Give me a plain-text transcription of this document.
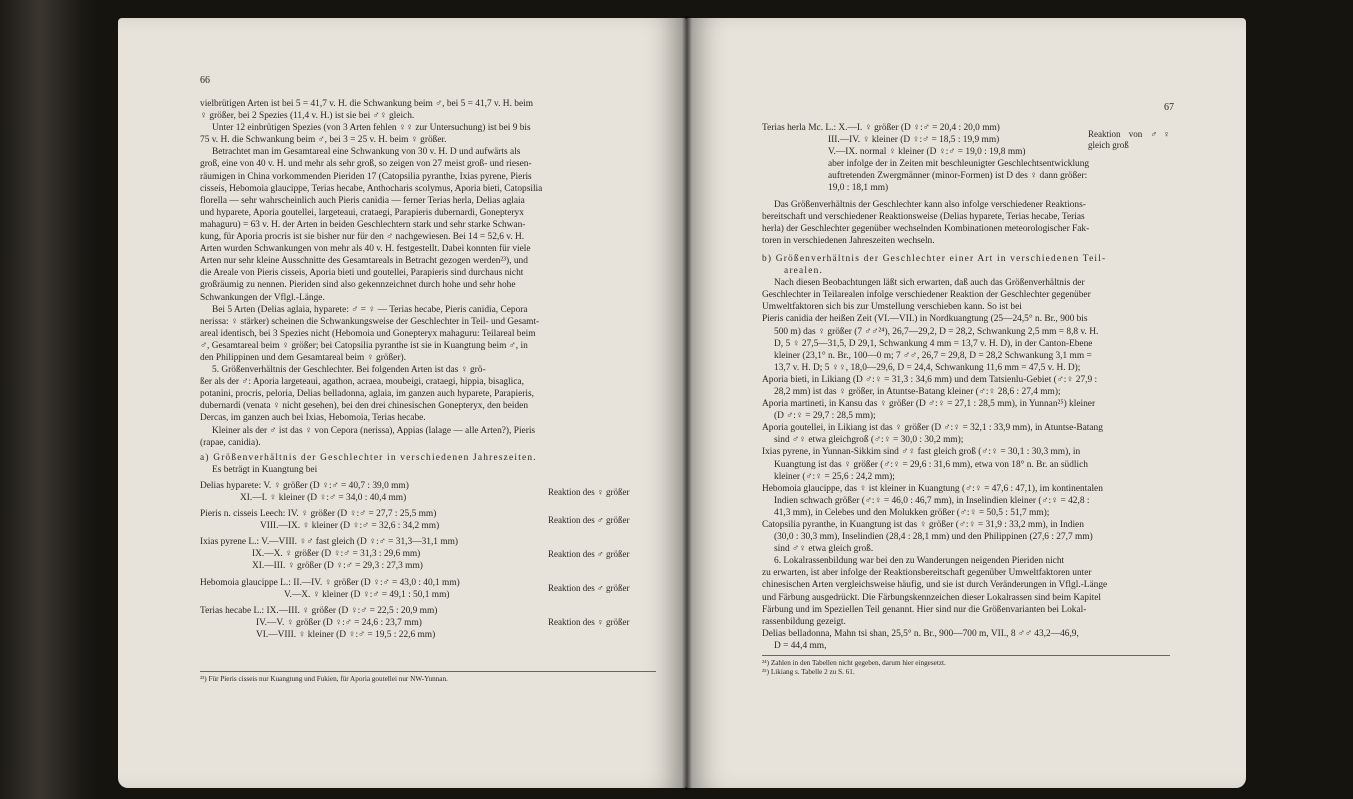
66

vielbrütigen Arten ist bei 5 = 41,7 v. H. die Schwankung beim ♂, bei 5 = 41,7 v. H. beim

♀ größer, bei 2 Spezies (11,4 v. H.) ist sie bei ♂♀ gleich.

Unter 12 einbrütigen Spezies (von 3 Arten fehlen ♀♀ zur Untersuchung) ist bei 9 bis

75 v. H. die Schwankung beim ♂, bei 3 = 25 v. H. beim ♀ größer.

Betrachtet man im Gesamtareal eine Schwankung von 30 v. H. D und aufwärts als

groß, eine von 40 v. H. und mehr als sehr groß, so zeigen von 27 meist groß- und riesen-

räumigen in China vorkommenden Pieriden 17 (Catopsilia pyranthe, Ixias pyrene, Pieris

cisseis, Hebomoia glaucippe, Terias hecabe, Anthocharis scolymus, Aporia bieti, Catopsilia

florella — sehr wahrscheinlich auch Pieris canidia — ferner Terias herla, Delias aglaia

und hyparete, Aporia goutellei, largeteaui, crataegi, Parapieris dubernardi, Gonepteryx

mahaguru) = 63 v. H. der Arten in beiden Geschlechtern stark und sehr starke Schwan-

kung, für Aporia procris ist sie bisher nur für den ♂ nachgewiesen. Bei 14 = 52,6 v. H.

Arten wurden Schwankungen von mehr als 40 v. H. festgestellt. Dabei konnten für viele

Arten nur sehr kleine Ausschnitte des Gesamtareals in Betracht gezogen werden²³), und

die Areale von Pieris cisseis, Aporia bieti und goutellei, Parapieris sind durchaus nicht

großräumig zu nennen. Pieriden sind also gekennzeichnet durch hohe und sehr hohe

Schwankungen der Vflgl.-Länge.

Bei 5 Arten (Delias aglaia, hyparete: ♂ = ♀ — Terias hecabe, Pieris canidia, Cepora

nerissa: ♀ stärker) scheinen die Schwankungsweise der Geschlechter in Teil- und Gesamt-

areal identisch, bei 3 Spezies nicht (Hebomoia und Gonepteryx mahaguru: Teilareal beim

♂, Gesamtareal beim ♀ größer; bei Catopsilia pyranthe ist sie in Kuangtung beim ♂, in

den Philippinen und dem Gesamtareal beim ♀ größer).

5. Größenverhältnis der Geschlechter. Bei folgenden Arten ist das ♀ grö-

ßer als der ♂: Aporia largeteaui, agathon, acraea, moubeigi, crataegi, hippia, bisaglica,

potanini, procris, peloria, Delias belladonna, aglaia, im ganzen auch hyparete, Parapieris,

dubernardi (venata ♀ nicht gesehen), bei den drei chinesischen Gonepteryx, den beiden

Dercas, im ganzen auch bei Ixias, Hebomoia, Terias hecabe.

Kleiner als der ♂ ist das ♀ von Cepora (nerissa), Appias (lalage — alle Arten?), Pieris

(rapae, canidia).

a) Größenverhältnis der Geschlechter in verschiedenen Jahreszeiten.

Es beträgt in Kuangtung bei

Delias hyparete: V. ♀ größer (D ♀:♂ = 40,7 : 39,0 mm)

XI.—I. ♀ kleiner (D ♀:♂ = 34,0 : 40,4 mm)

Reaktion des ♀ größer

Pieris n. cisseis Leech: IV. ♀ größer (D ♀:♂ = 27,7 : 25,5 mm)

VIII.—IX. ♀ kleiner (D ♀:♂ = 32,6 : 34,2 mm)

Reaktion des ♂ größer

Ixias pyrene L.: V.—VIII. ♀♂ fast gleich (D ♀:♂ = 31,3—31,1 mm)

IX.—X. ♀ größer (D ♀:♂ = 31,3 : 29,6 mm)

XI.—III. ♀ größer (D ♀:♂ = 29,3 : 27,3 mm)

Reaktion des ♂ größer

Hebomoia glaucippe L.: II.—IV. ♀ größer (D ♀:♂ = 43,0 : 40,1 mm)

V.—X. ♀ kleiner (D ♀:♂ = 49,1 : 50,1 mm)

Reaktion des ♂ größer

Terias hecabe L.: IX.—III. ♀ größer (D ♀:♂ = 22,5 : 20,9 mm)

IV.—V. ♀ größer (D ♀:♂ = 24,6 : 23,7 mm)

VI.—VIII. ♀ kleiner (D ♀:♂ = 19,5 : 22,6 mm)

Reaktion des ♀ größer

²³) Für Pieris cisseis nur Kuangtung und Fukien, für Aporia goutellei nur NW-Yunnan.

67

Terias herla Mc. L.: X.—I. ♀ größer (D ♀:♂ = 20,4 : 20,0 mm)

III.—IV. ♀ kleiner (D ♀:♂ = 18,5 : 19,9 mm)

V.—IX. normal ♀ kleiner (D ♀:♂ = 19,0 : 19,8 mm)

Reaktion von ♂♀ gleich groß

aber infolge der in Zeiten mit beschleunigter Geschlechtsentwicklung

auftretenden Zwergmänner (minor-Formen) ist D des ♀ dann größer:

19,0 : 18,1 mm)

Das Größenverhältnis der Geschlechter kann also infolge verschiedener Reaktions-

bereitschaft und verschiedener Reaktionsweise (Delias hyparete, Terias hecabe, Terias

herla) der Geschlechter gegenüber wechselnden Kombinationen meteorologischer Fak-

toren in verschiedenen Jahreszeiten wechseln.

b) Größenverhältnis der Geschlechter einer Art in verschiedenen Teil-

arealen.

Nach diesen Beobachtungen läßt sich erwarten, daß auch das Größenverhältnis der

Geschlechter in Teilarealen infolge verschiedener Reaktion der Geschlechter gegenüber

Umweltfaktoren sich bis zur Umstellung verschieben kann. So ist bei

Pieris canidia der heißen Zeit (VI.—VII.) in Nordkuangtung (25—24,5° n. Br., 900 bis

500 m) das ♀ größer (7 ♂♂²⁴), 26,7—29,2, D = 28,2, Schwankung 2,5 mm = 8,8 v. H.

D, 5 ♀ 27,5—31,5, D 29,1, Schwankung 4 mm = 13,7 v. H. D), in der Canton-Ebene

kleiner (23,1° n. Br., 100—0 m; 7 ♂♂, 26,7 = 29,8, D = 28,2 Schwankung 3,1 mm =

13,7 v. H. D; 5 ♀♀, 18,0—29,6, D = 24,4, Schwankung 11,6 mm = 47,5 v. H. D);

Aporia bieti, in Likiang (D ♂:♀ = 31,3 : 34,6 mm) und dem Tatsienlu-Gebiet (♂:♀ 27,9 :

28,2 mm) ist das ♀ größer, in Atuntse-Batang kleiner (♂:♀ 28,6 : 27,4 mm);

Aporia martineti, in Kansu das ♀ größer (D ♂:♀ = 27,1 : 28,5 mm), in Yunnan²⁵) kleiner

(D ♂:♀ = 29,7 : 28,5 mm);

Aporia goutellei, in Likiang ist das ♀ größer (D ♂:♀ = 32,1 : 33,9 mm), in Atuntse-Batang

sind ♂♀ etwa gleichgroß (♂:♀ = 30,0 : 30,2 mm);

Ixias pyrene, in Yunnan-Sikkim sind ♂♀ fast gleich groß (♂:♀ = 30,1 : 30,3 mm), in

Kuangtung ist das ♀ größer (♂:♀ = 29,6 : 31,6 mm), etwa von 18° n. Br. an südlich

kleiner (♂:♀ = 25,6 : 24,2 mm);

Hebomoia glaucippe, das ♀ ist kleiner in Kuangtung (♂:♀ = 47,6 : 47,1), im kontinentalen

Indien schwach größer (♂:♀ = 46,0 : 46,7 mm), in Inselindien kleiner (♂:♀ = 42,8 :

41,3 mm), in Celebes und den Molukken größer (♂:♀ = 50,5 : 51,7 mm);

Catopsilia pyranthe, in Kuangtung ist das ♀ größer (♂:♀ = 31,9 : 33,2 mm), in Indien

(30,0 : 30,3 mm), Inselindien (28,4 : 28,1 mm) und den Philippinen (27,6 : 27,7 mm)

sind ♂♀ etwa gleich groß.

6. Lokalrassenbildung war bei den zu Wanderungen neigenden Pieriden nicht

zu erwarten, ist aber infolge der Reaktionsbereitschaft gegenüber Umweltfaktoren unter

chinesischen Arten vergleichsweise häufig, und sie ist durch Veränderungen in Vflgl.-Länge

und Färbung ausgedrückt. Die Färbungskennzeichen dieser Lokalrassen sind beim Kapitel

Färbung und im Speziellen Teil genannt. Hier sind nur die Größenvarianten bei Lokal-

rassenbildung gezeigt.

Delias belladonna, Mahn tsi shan, 25,5° n. Br., 900—700 m, VII., 8 ♂♂ 43,2—46,9,

D = 44,4 mm,

²⁴) Zahlen in den Tabellen nicht gegeben, darum hier eingesetzt.

²⁵) Likiang s. Tabelle 2 zu S. 61.
